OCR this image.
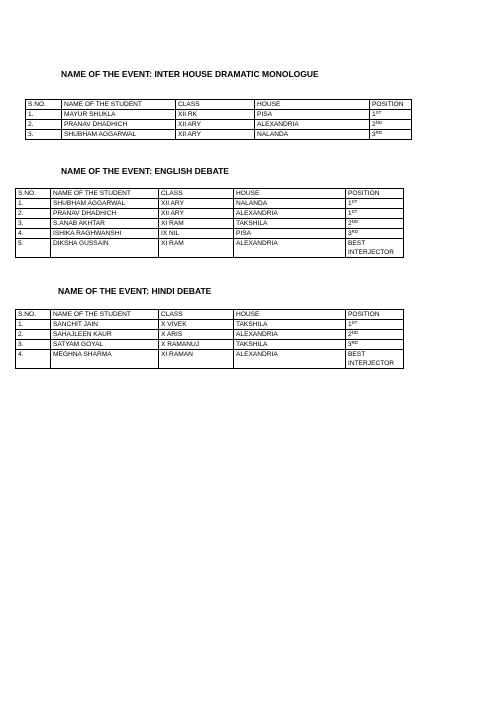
NAME OF THE EVENT: INTER HOUSE DRAMATIC MONOLOGUE
S.NO.	NAME OF THE STUDENT	CLASS	HOUSE	POSITION
1.	MAYUR SHUKLA	XII RK	PISA	1ST
2.	PRANAV DHADHICH	XII ARY	ALEXANDRIA	2ND
3.	SHUBHAM AGGARWAL	XII ARY	NALANDA	3RD
NAME OF THE EVENT: ENGLISH DEBATE
S.NO.	NAME OF THE STUDENT	CLASS	HOUSE	POSITION
1.	SHUBHAM AGGARWAL	XII ARY	NALANDA	1ST
2.	PRANAV DHADHICH	XII ARY	ALEXANDRIA	1ST
3.	S.ANAB AKHTAR	XI RAM	TAKSHILA	2ND
4.	ISHIKA RAGHWANSHI	IX NIL	PISA	3RD
5.	DIKSHA GUSSAIN	XI RAM	ALEXANDRIA	BEST INTERJECTOR
NAME OF THE EVENT: HINDI DEBATE
S.NO.	NAME OF THE STUDENT	CLASS	HOUSE	POSITION
1.	SANCHIT JAIN	X VIVEK	TAKSHILA	1ST
2.	SAHAJLEEN KAUR	X ARIS	ALEXANDRIA	2ND
3.	SATYAM GOYAL	X RAMANUJ	TAKSHILA	3RD
4.	MEGHNA SHARMA	XI RAMAN	ALEXANDRIA	BEST INTERJECTOR
